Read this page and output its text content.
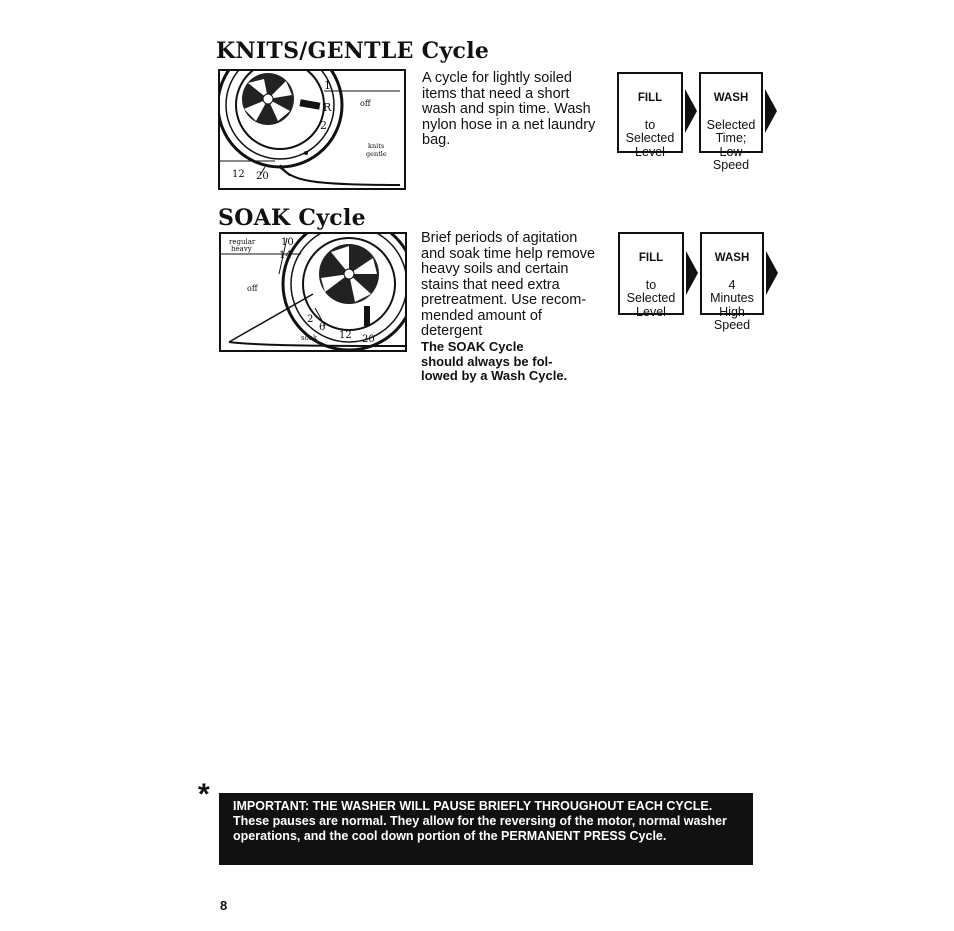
KNITS/GENTLE Cycle
1
R
2
off
knits
gentle
12 20
A cycle for lightly soiled
items that need a short
wash and spin time. Wash
nylon hose in a net laundry
bag.

FILL

to
Selected
Level

WASH

Selected
Time;
Low
Speed

SOAK Cycle
regular
heavy
10
14
off
2
6
soak 12 20
Brief periods of agitation
and soak time help remove
heavy soils and certain
stains that need extra
pretreatment. Use recom-
mended amount of
detergent
The SOAK Cycle
should always be fol-
lowed by a Wash Cycle.

FILL

to
Selected
Level

WASH

4
Minutes
High
Speed

*	IMPORTANT: THE WASHER WILL PAUSE BRIEFLY THROUGHOUT EACH CYCLE. These pauses are normal. They allow for the reversing of the motor, normal washer operations, and the cool down portion of the PERMANENT PRESS Cycle.
8
